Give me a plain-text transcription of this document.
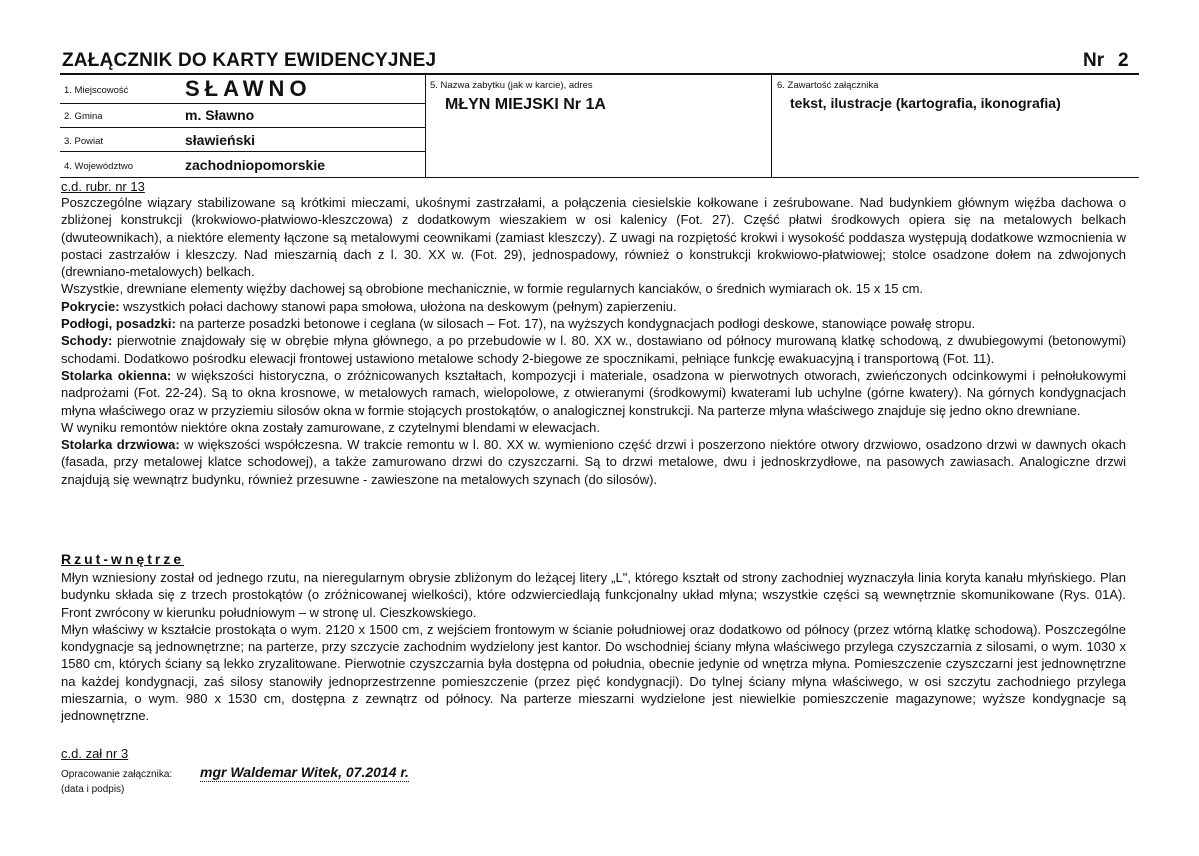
ZAŁĄCZNIK DO KARTY EWIDENCYJNEJ	Nr 2
1. Miejscowość	SŁAWNO
2. Gmina	m. Sławno
3. Powiat	sławieński
4. Województwo	zachodniopomorskie
5. Nazwa zabytku (jak w karcie), adres
MŁYN MIEJSKI Nr 1A
6. Zawartość załącznika
tekst, ilustracje (kartografia, ikonografia)
c.d. rubr. nr 13

Poszczególne wiązary stabilizowane są krótkimi mieczami, ukośnymi zastrzałami, a połączenia ciesielskie kołkowane i ześrubowane. Nad budynkiem głównym więźba dachowa o zbliżonej konstrukcji (krokwiowo-płatwiowo-kleszczowa) z dodatkowym wieszakiem w osi kalenicy (Fot. 27). Część płatwi środkowych opiera się na metalowych belkach (dwuteownikach), a niektóre elementy łączone są metalowymi ceownikami (zamiast kleszczy). Z uwagi na rozpiętość krokwi i wysokość poddasza występują dodatkowe wzmocnienia w postaci zastrzałów i kleszczy. Nad mieszarnią dach z l. 30. XX w. (Fot. 29), jednospadowy, również o konstrukcji krokwiowo-płatwiowej; stolce osadzone dołem na zdwojonych (drewniano-metalowych) belkach.

Wszystkie, drewniane elementy więźby dachowej są obrobione mechanicznie, w formie regularnych kanciaków, o średnich wymiarach ok. 15 x 15 cm.

Pokrycie: wszystkich połaci dachowy stanowi papa smołowa, ułożona na deskowym (pełnym) zapierzeniu.

Podłogi, posadzki: na parterze posadzki betonowe i ceglana (w silosach – Fot. 17), na wyższych kondygnacjach podłogi deskowe, stanowiące powałę stropu.

Schody: pierwotnie znajdowały się w obrębie młyna głównego, a po przebudowie w l. 80. XX w., dostawiano od północy murowaną klatkę schodową, z dwubiegowymi (betonowymi) schodami. Dodatkowo pośrodku elewacji frontowej ustawiono metalowe schody 2-biegowe ze spocznikami, pełniące funkcję ewakuacyjną i transportową (Fot. 11).

Stolarka okienna: w większości historyczna, o zróżnicowanych kształtach, kompozycji i materiale, osadzona w pierwotnych otworach, zwieńczonych odcinkowymi i pełnołukowymi nadprożami (Fot. 22-24). Są to okna krosnowe, w metalowych ramach, wielopolowe, z otwieranymi (środkowymi) kwaterami lub uchylne (górne kwatery). Na górnych kondygnacjach młyna właściwego oraz w przyziemiu silosów okna w formie stojących prostokątów, o analogicznej konstrukcji. Na parterze młyna właściwego znajduje się jedno okno drewniane.

W wyniku remontów niektóre okna zostały zamurowane, z czytelnymi blendami w elewacjach.

Stolarka drzwiowa: w większości współczesna. W trakcie remontu w l. 80. XX w. wymieniono część drzwi i poszerzono niektóre otwory drzwiowo, osadzono drzwi w dawnych okach (fasada, przy metalowej klatce schodowej), a także zamurowano drzwi do czyszczarni. Są to drzwi metalowe, dwu i jednoskrzydłowe, na pasowych zawiasach. Analogiczne drzwi znajdują się wewnątrz budynku, również przesuwne - zawieszone na metalowych szynach (do silosów).

Rzut-wnętrze

Młyn wzniesiony został od jednego rzutu, na nieregularnym obrysie zbliżonym do leżącej litery „L", którego kształt od strony zachodniej wyznaczyła linia koryta kanału młyńskiego. Plan budynku składa się z trzech prostokątów (o zróżnicowanej wielkości), które odzwierciedlają funkcjonalny układ młyna; wszystkie części są wewnętrznie skomunikowane (Rys. 01A). Front zwrócony w kierunku południowym – w stronę ul. Cieszkowskiego.

Młyn właściwy w kształcie prostokąta o wym. 2120 x 1500 cm, z wejściem frontowym w ścianie południowej oraz dodatkowo od północy (przez wtórną klatkę schodową). Poszczególne kondygnacje są jednownętrzne; na parterze, przy szczycie zachodnim wydzielony jest kantor. Do wschodniej ściany młyna właściwego przylega czyszczarnia z silosami, o wym. 1030 x 1580 cm, których ściany są lekko zryzalitowane. Pierwotnie czyszczarnia była dostępna od południa, obecnie jedynie od wnętrza młyna. Pomieszczenie czyszczarni jest jednownętrzne na każdej kondygnacji, zaś silosy stanowiły jednoprzestrzenne pomieszczenie (przez pięć kondygnacji). Do tylnej ściany młyna właściwego, w osi szczytu zachodniego przylega mieszarnia, o wym. 980 x 1530 cm, dostępna z zewnątrz od północy. Na parterze mieszarni wydzielone jest niewielkie pomieszczenie magazynowe; wyższe kondygnacje są jednownętrzne.

c.d. zał nr 3
Opracowanie załącznika:
(data i podpis)
mgr Waldemar Witek, 07.2014 r.
